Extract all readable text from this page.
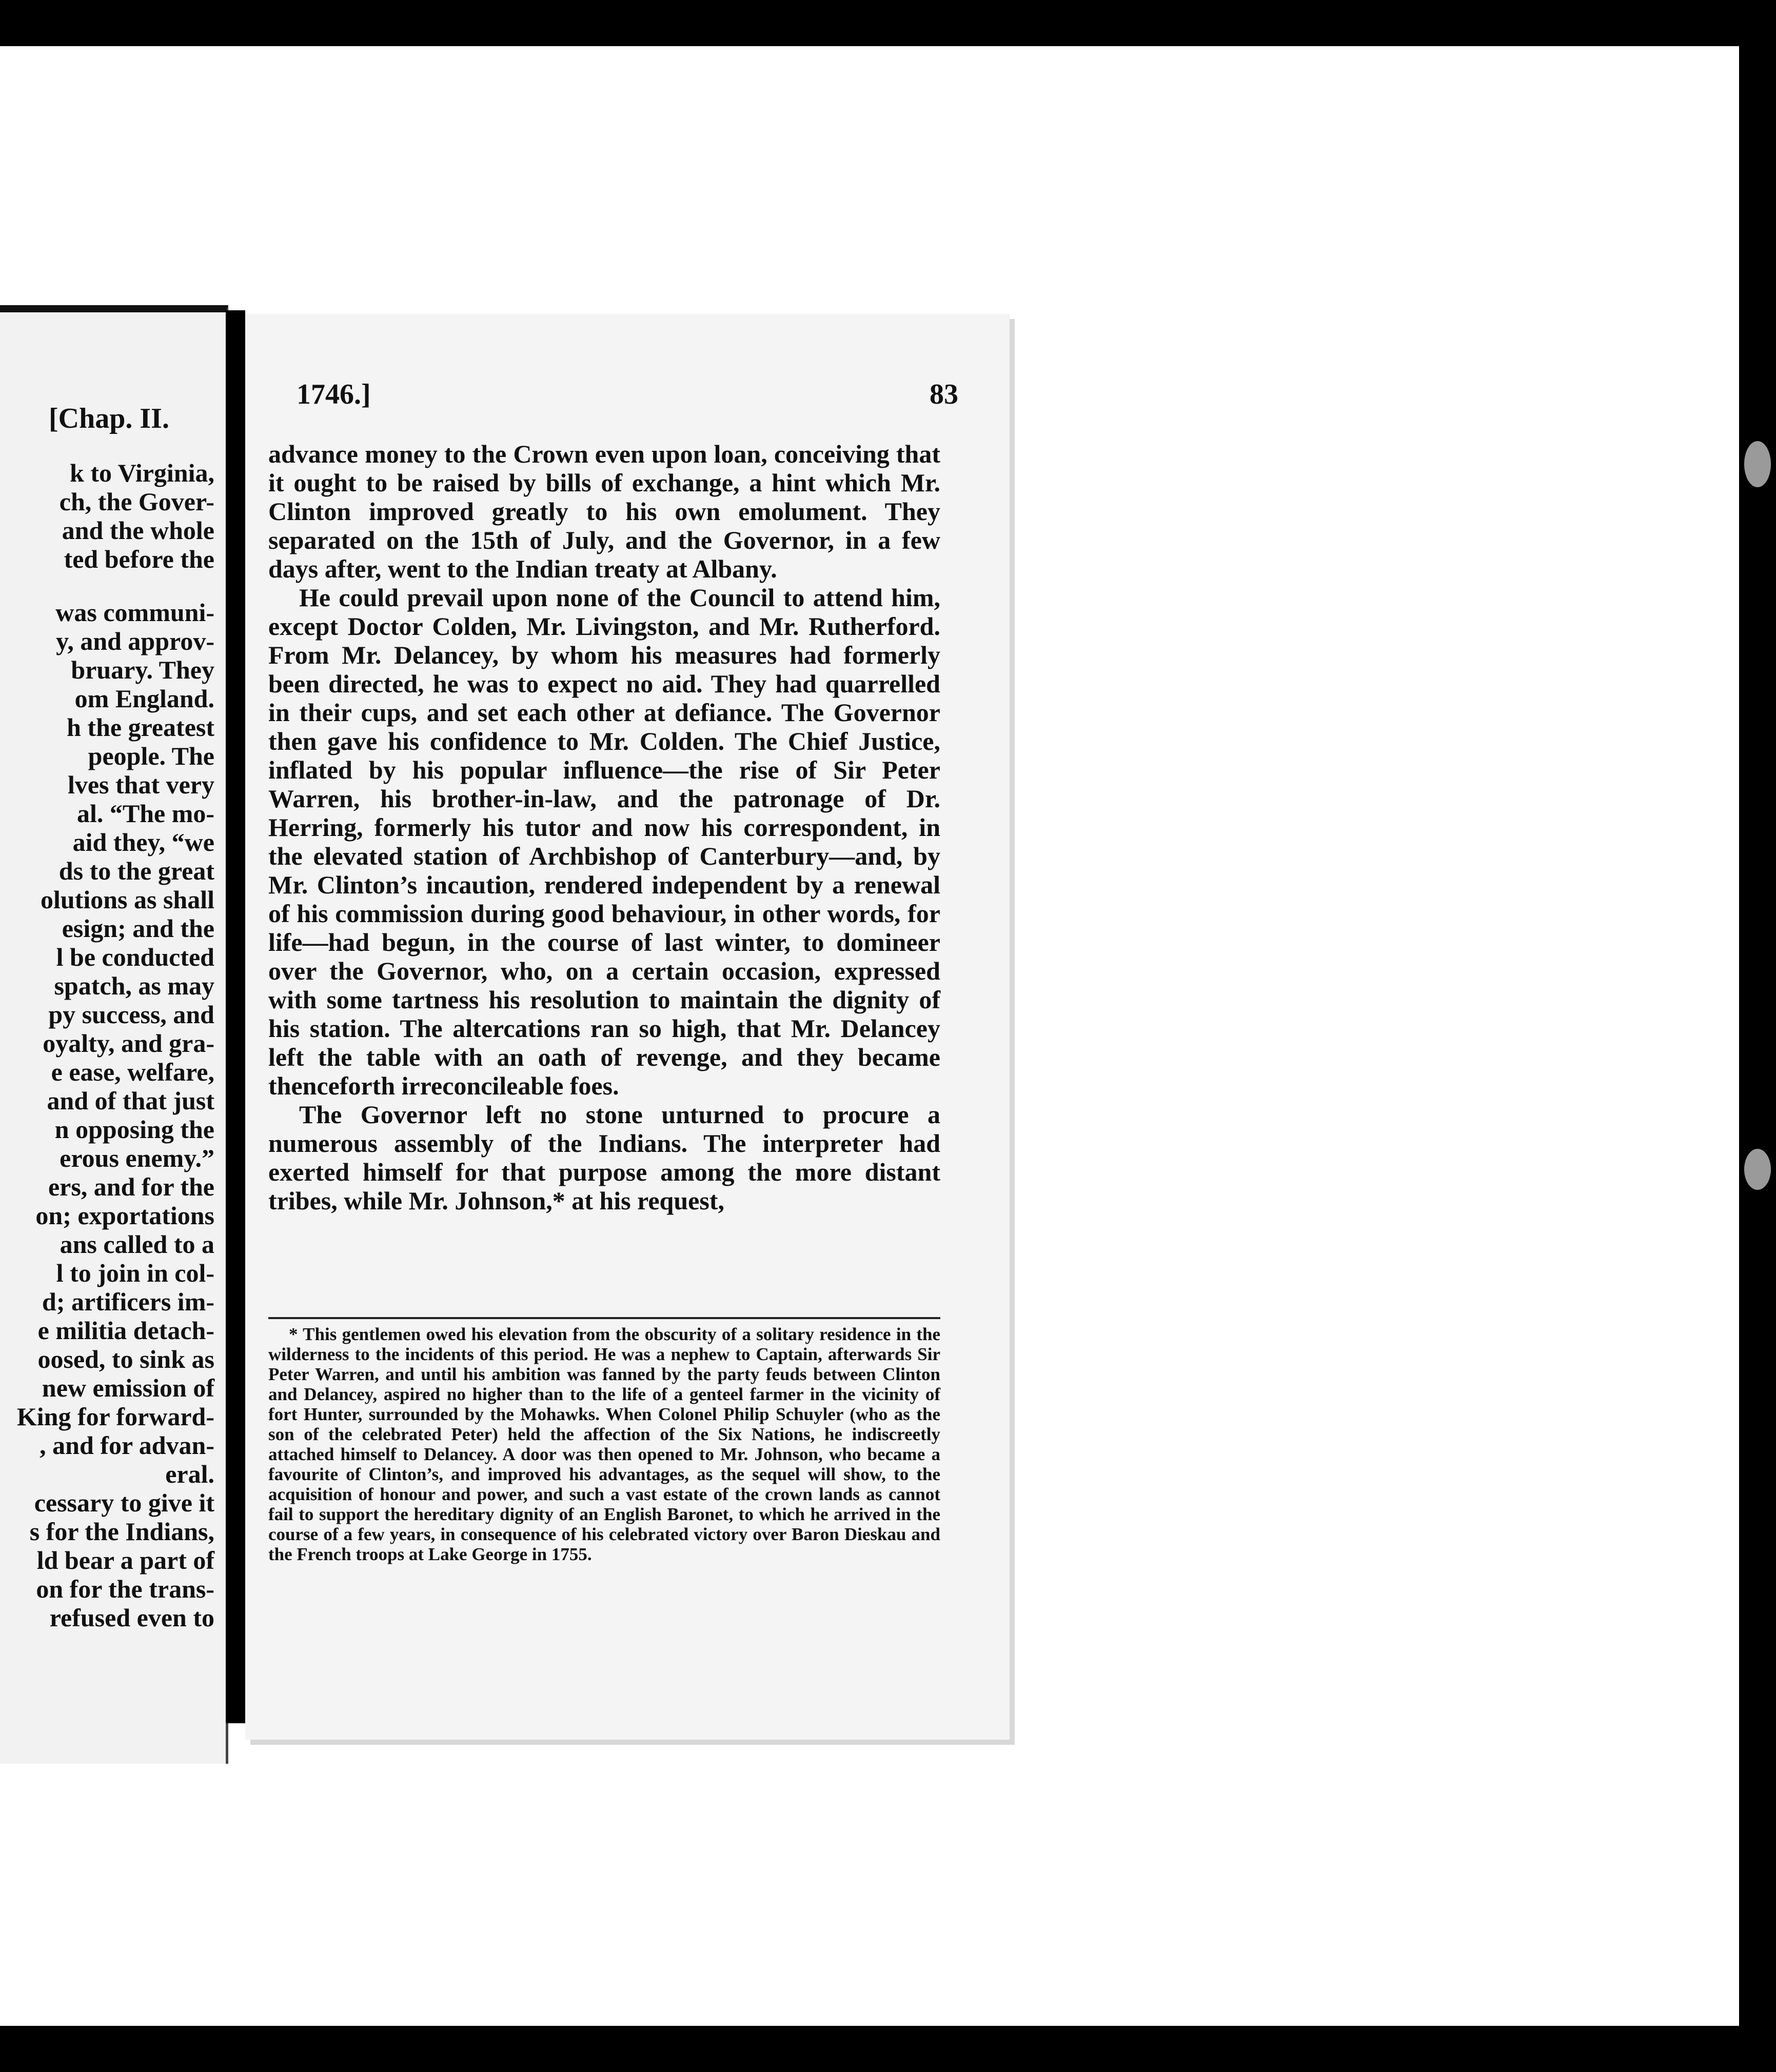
[Chap. II.
k to Virginia,
ch, the Gover-
and the whole
ted before the
was communi-
y, and approv-
bruary. They
om England.
h the greatest
people. The
lves that very
al. “The mo-
aid they, “we
ds to the great
olutions as shall
esign; and the
l be conducted
spatch, as may
py success, and
oyalty, and gra-
e ease, welfare,
and of that just
n opposing the
erous enemy.”
ers, and for the
on; exportations
ans called to a
l to join in col-
d; artificers im-
e militia detach-
oosed, to sink as
new emission of
King for forward-
, and for advan-
eral.
cessary to give it
s for the Indians,
ld bear a part of
on for the trans-
refused even to
1746.]	83

advance money to the Crown even upon loan, conceiving that it ought to be raised by bills of exchange, a hint which Mr. Clinton improved greatly to his own emolument. They separated on the 15th of July, and the Governor, in a few days after, went to the Indian treaty at Albany.

He could prevail upon none of the Council to attend him, except Doctor Colden, Mr. Livingston, and Mr. Rutherford. From Mr. Delancey, by whom his measures had formerly been directed, he was to expect no aid. They had quarrelled in their cups, and set each other at defiance. The Governor then gave his confidence to Mr. Colden. The Chief Justice, inflated by his popular influence—the rise of Sir Peter Warren, his brother-in-law, and the patronage of Dr. Herring, formerly his tutor and now his correspondent, in the elevated station of Archbishop of Canterbury—and, by Mr. Clinton’s incaution, rendered independent by a renewal of his commission during good behaviour, in other words, for life—had begun, in the course of last winter, to domineer over the Governor, who, on a certain occasion, expressed with some tartness his resolution to maintain the dignity of his station. The altercations ran so high, that Mr. Delancey left the table with an oath of revenge, and they became thenceforth irreconcileable foes.

The Governor left no stone unturned to procure a numerous assembly of the Indians. The interpreter had exerted himself for that purpose among the more distant tribes, while Mr. Johnson,* at his request,

* This gentlemen owed his elevation from the obscurity of a solitary residence in the wilderness to the incidents of this period. He was a nephew to Captain, afterwards Sir Peter Warren, and until his ambition was fanned by the party feuds between Clinton and Delancey, aspired no higher than to the life of a genteel farmer in the vicinity of fort Hunter, surrounded by the Mohawks. When Colonel Philip Schuyler (who as the son of the celebrated Peter) held the affection of the Six Nations, he indiscreetly attached himself to Delancey. A door was then opened to Mr. Johnson, who became a favourite of Clinton’s, and improved his advantages, as the sequel will show, to the acquisition of honour and power, and such a vast estate of the crown lands as cannot fail to support the hereditary dignity of an English Baronet, to which he arrived in the course of a few years, in consequence of his celebrated victory over Baron Dieskau and the French troops at Lake George in 1755.
